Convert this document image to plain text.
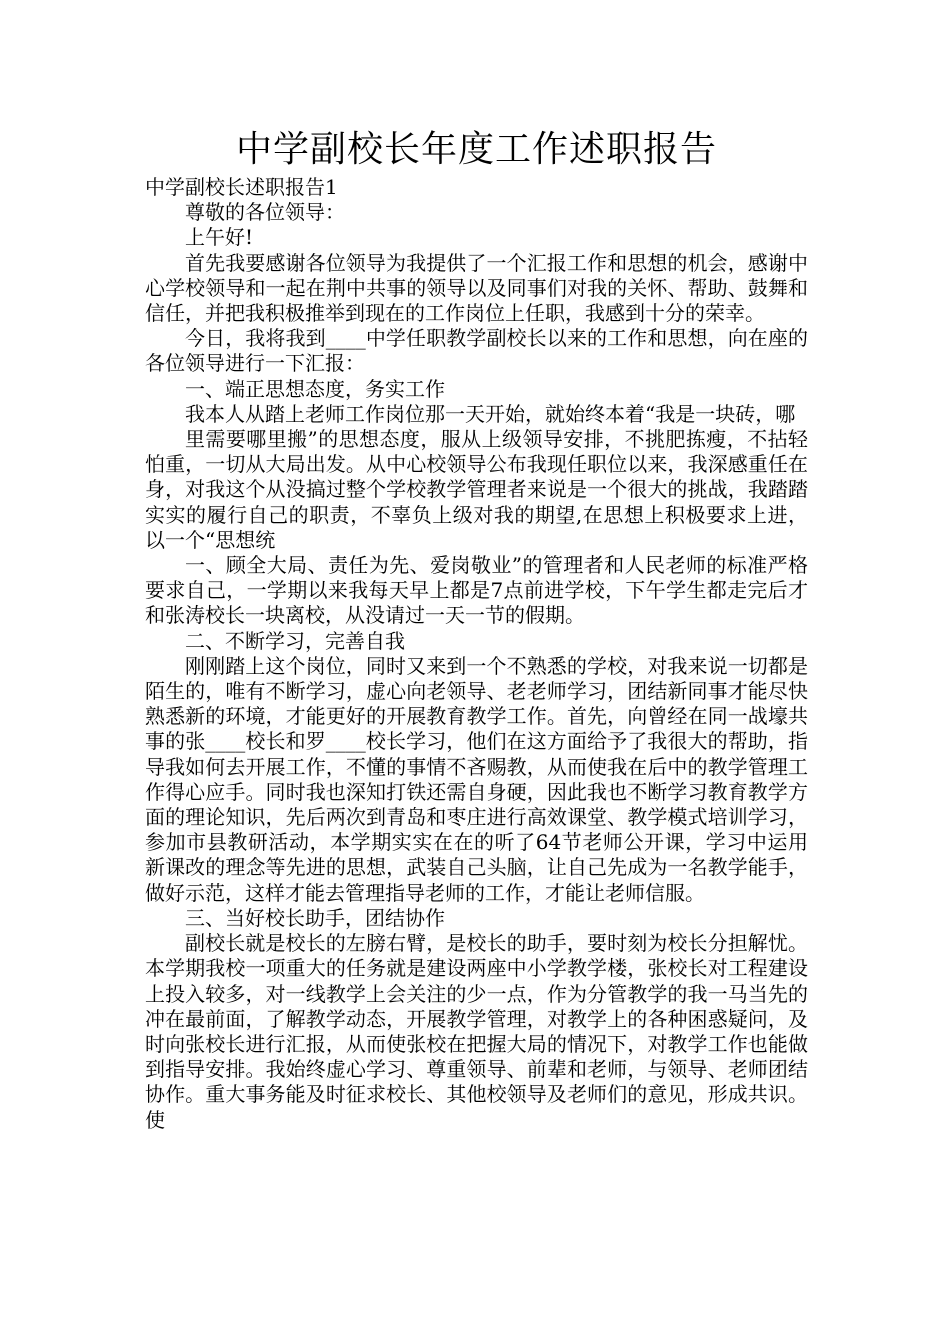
中学副校长年度工作述职报告

中学副校长述职报告1

尊敬的各位领导：

上午好!

首先我要感谢各位领导为我提供了一个汇报工作和思想的机会，感谢中心学校领导和一起在荆中共事的领导以及同事们对我的关怀、帮助、鼓舞和信任，并把我积极推举到现在的工作岗位上任职，我感到十分的荣幸。

今日，我将我到____中学任职教学副校长以来的工作和思想，向在座的各位领导进行一下汇报：

一、端正思想态度，务实工作

我本人从踏上老师工作岗位那一天开始，就始终本着“我是一块砖，哪

里需要哪里搬”的思想态度，服从上级领导安排，不挑肥拣瘦，不拈轻怕重，一切从大局出发。从中心校领导公布我现任职位以来，我深感重任在身，对我这个从没搞过整个学校教学管理者来说是一个很大的挑战，我踏踏实实的履行自己的职责，不辜负上级对我的期望,在思想上积极要求上进，以一个“思想统

一、顾全大局、责任为先、爱岗敬业”的管理者和人民老师的标准严格要求自己，一学期以来我每天早上都是7点前进学校，下午学生都走完后才和张涛校长一块离校，从没请过一天一节的假期。

二、不断学习，完善自我

刚刚踏上这个岗位，同时又来到一个不熟悉的学校，对我来说一切都是陌生的，唯有不断学习，虚心向老领导、老老师学习，团结新同事才能尽快熟悉新的环境，才能更好的开展教育教学工作。首先，向曾经在同一战壕共事的张____校长和罗____校长学习，他们在这方面给予了我很大的帮助，指导我如何去开展工作，不懂的事情不吝赐教，从而使我在后中的教学管理工作得心应手。同时我也深知打铁还需自身硬，因此我也不断学习教育教学方面的理论知识，先后两次到青岛和枣庄进行高效课堂、教学模式培训学习，参加市县教研活动，本学期实实在在的听了64节老师公开课，学习中运用新课改的理念等先进的思想，武装自己头脑，让自己先成为一名教学能手，做好示范，这样才能去管理指导老师的工作，才能让老师信服。

三、当好校长助手，团结协作

副校长就是校长的左膀右臂，是校长的助手，要时刻为校长分担解忧。本学期我校一项重大的任务就是建设两座中小学教学楼，张校长对工程建设上投入较多，对一线教学上会关注的少一点，作为分管教学的我一马当先的冲在最前面，了解教学动态，开展教学管理，对教学上的各种困惑疑问，及时向张校长进行汇报，从而使张校在把握大局的情况下，对教学工作也能做到指导安排。我始终虚心学习、尊重领导、前辈和老师，与领导、老师团结协作。重大事务能及时征求校长、其他校领导及老师们的意见，形成共识。使
